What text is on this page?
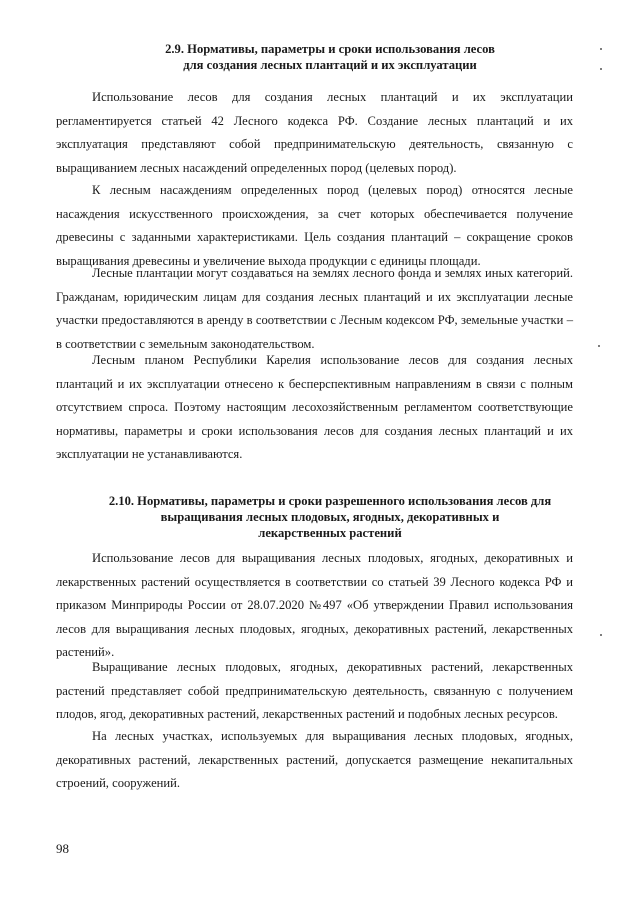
2.9. Нормативы, параметры и сроки использования лесов
для создания лесных плантаций и их эксплуатации

Использование лесов для создания лесных плантаций и их эксплуатации регламентируется статьей 42 Лесного кодекса РФ. Создание лесных плантаций и их эксплуатация представляют собой предпринимательскую деятельность, связанную с выращиванием лесных насаждений определенных пород (целевых пород).

К лесным насаждениям определенных пород (целевых пород) относятся лесные насаждения искусственного происхождения, за счет которых обеспечивается получение древесины с заданными характеристиками. Цель создания плантаций – сокращение сроков выращивания древесины и увеличение выхода продукции с единицы площади.

Лесные плантации могут создаваться на землях лесного фонда и землях иных категорий. Гражданам, юридическим лицам для создания лесных плантаций и их эксплуатации лесные участки предоставляются в аренду в соответствии с Лесным кодексом РФ, земельные участки – в соответствии с земельным законодательством.

Лесным планом Республики Карелия использование лесов для создания лесных плантаций и их эксплуатации отнесено к бесперспективным направлениям в связи с полным отсутствием спроса. Поэтому настоящим лесохозяйственным регламентом соответствующие нормативы, параметры и сроки использования лесов для создания лесных плантаций и их эксплуатации не устанавливаются.

2.10. Нормативы, параметры и сроки разрешенного использования лесов для
выращивания лесных плодовых, ягодных, декоративных и
лекарственных растений

Использование лесов для выращивания лесных плодовых, ягодных, декоративных и лекарственных растений осуществляется в соответствии со статьей 39 Лесного кодекса РФ и приказом Минприроды России от 28.07.2020 №497 «Об утверждении Правил использования лесов для выращивания лесных плодовых, ягодных, декоративных растений, лекарственных растений».

Выращивание лесных плодовых, ягодных, декоративных растений, лекарственных растений представляет собой предпринимательскую деятельность, связанную с получением плодов, ягод, декоративных растений, лекарственных растений и подобных лесных ресурсов.

На лесных участках, используемых для выращивания лесных плодовых, ягодных, декоративных растений, лекарственных растений, допускается размещение некапитальных строений, сооружений.

98
